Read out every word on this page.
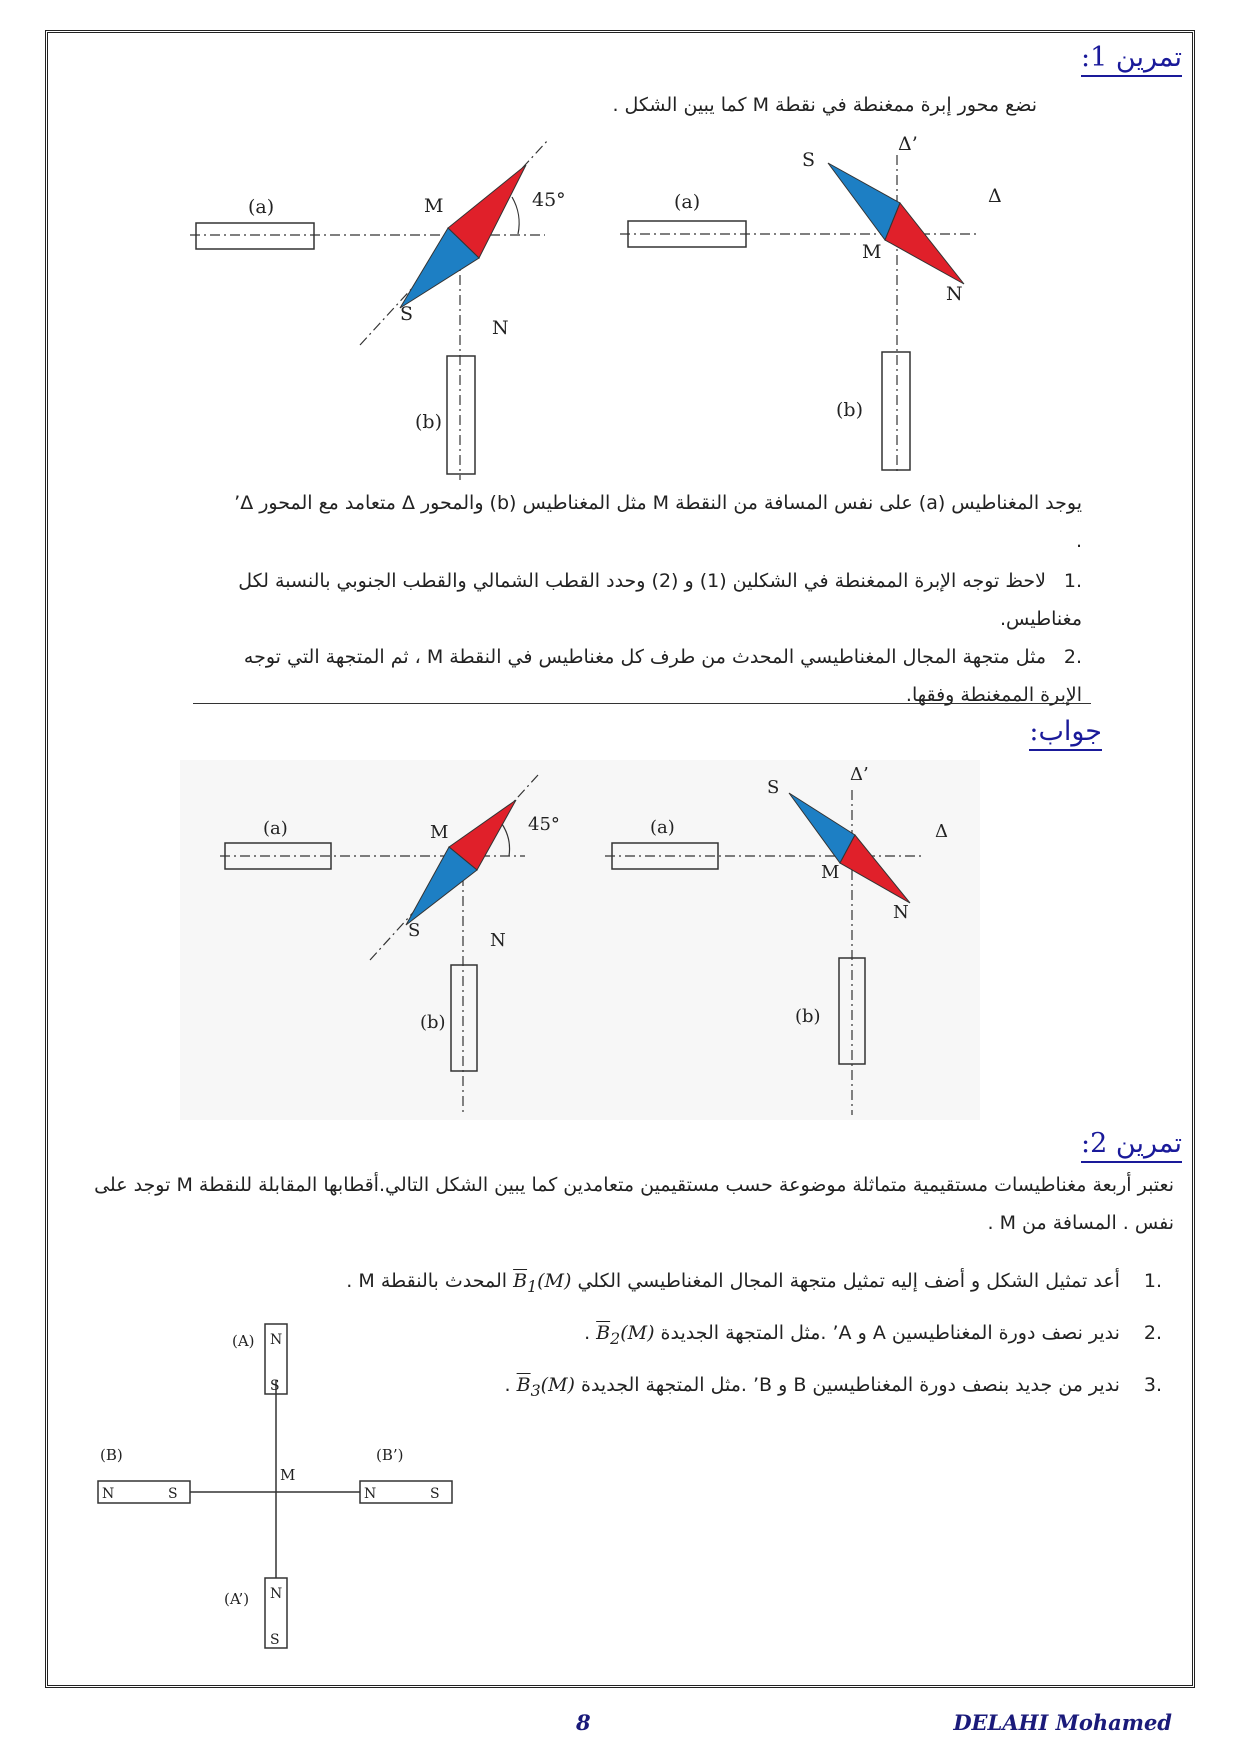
تمرين 1:
نضع محور إبرة ممغنطة في نقطة M كما يبين الشكل .
(a)	M	45°
S
N
(b)
S
Δ’
Δ
(a)
M
N
(b)
يوجد المغناطيس (a) على نفس المسافة من النقطة M مثل المغناطيس (b) والمحور Δ متعامد مع المحور Δ’ .
.1لاحظ توجه الإبرة الممغنطة في الشكلين (1) و (2) وحدد القطب الشمالي والقطب الجنوبي بالنسبة لكل مغناطيس.
.2مثل متجهة المجال المغناطيسي المحدث من طرف كل مغناطيس في النقطة M ، ثم المتجهة التي توجه الإبرة الممغنطة وفقها.
جواب:
(a)	M	45°
S	N
(b)
S
Δ’
Δ
(a)
M
N
(b)
تمرين 2:
نعتبر أربعة مغناطيسات مستقيمية متماثلة موضوعة حسب مستقيمين متعامدين كما يبين الشكل التالي.أقطابها المقابلة للنقطة M توجد على نفس . المسافة من M .
.1 أعد تمثيل الشكل و أضف إليه تمثيل متجهة المجال المغناطيسي الكلي $\overline{B}_1(M)$ المحدث بالنقطة M .
.2 ندير نصف دورة المغناطيسين A و A’ .مثل المتجهة الجديدة $\overline{B}_2(M)$ .
.3 ندير من جديد بنصف دورة المغناطيسين B و B’ .مثل المتجهة الجديدة $\overline{B}_3(M)$ .
N
S
(A)
N
S
(A’)
N	S
(B)
N	S
(B’)
M
8	DELAHI Mohamed
